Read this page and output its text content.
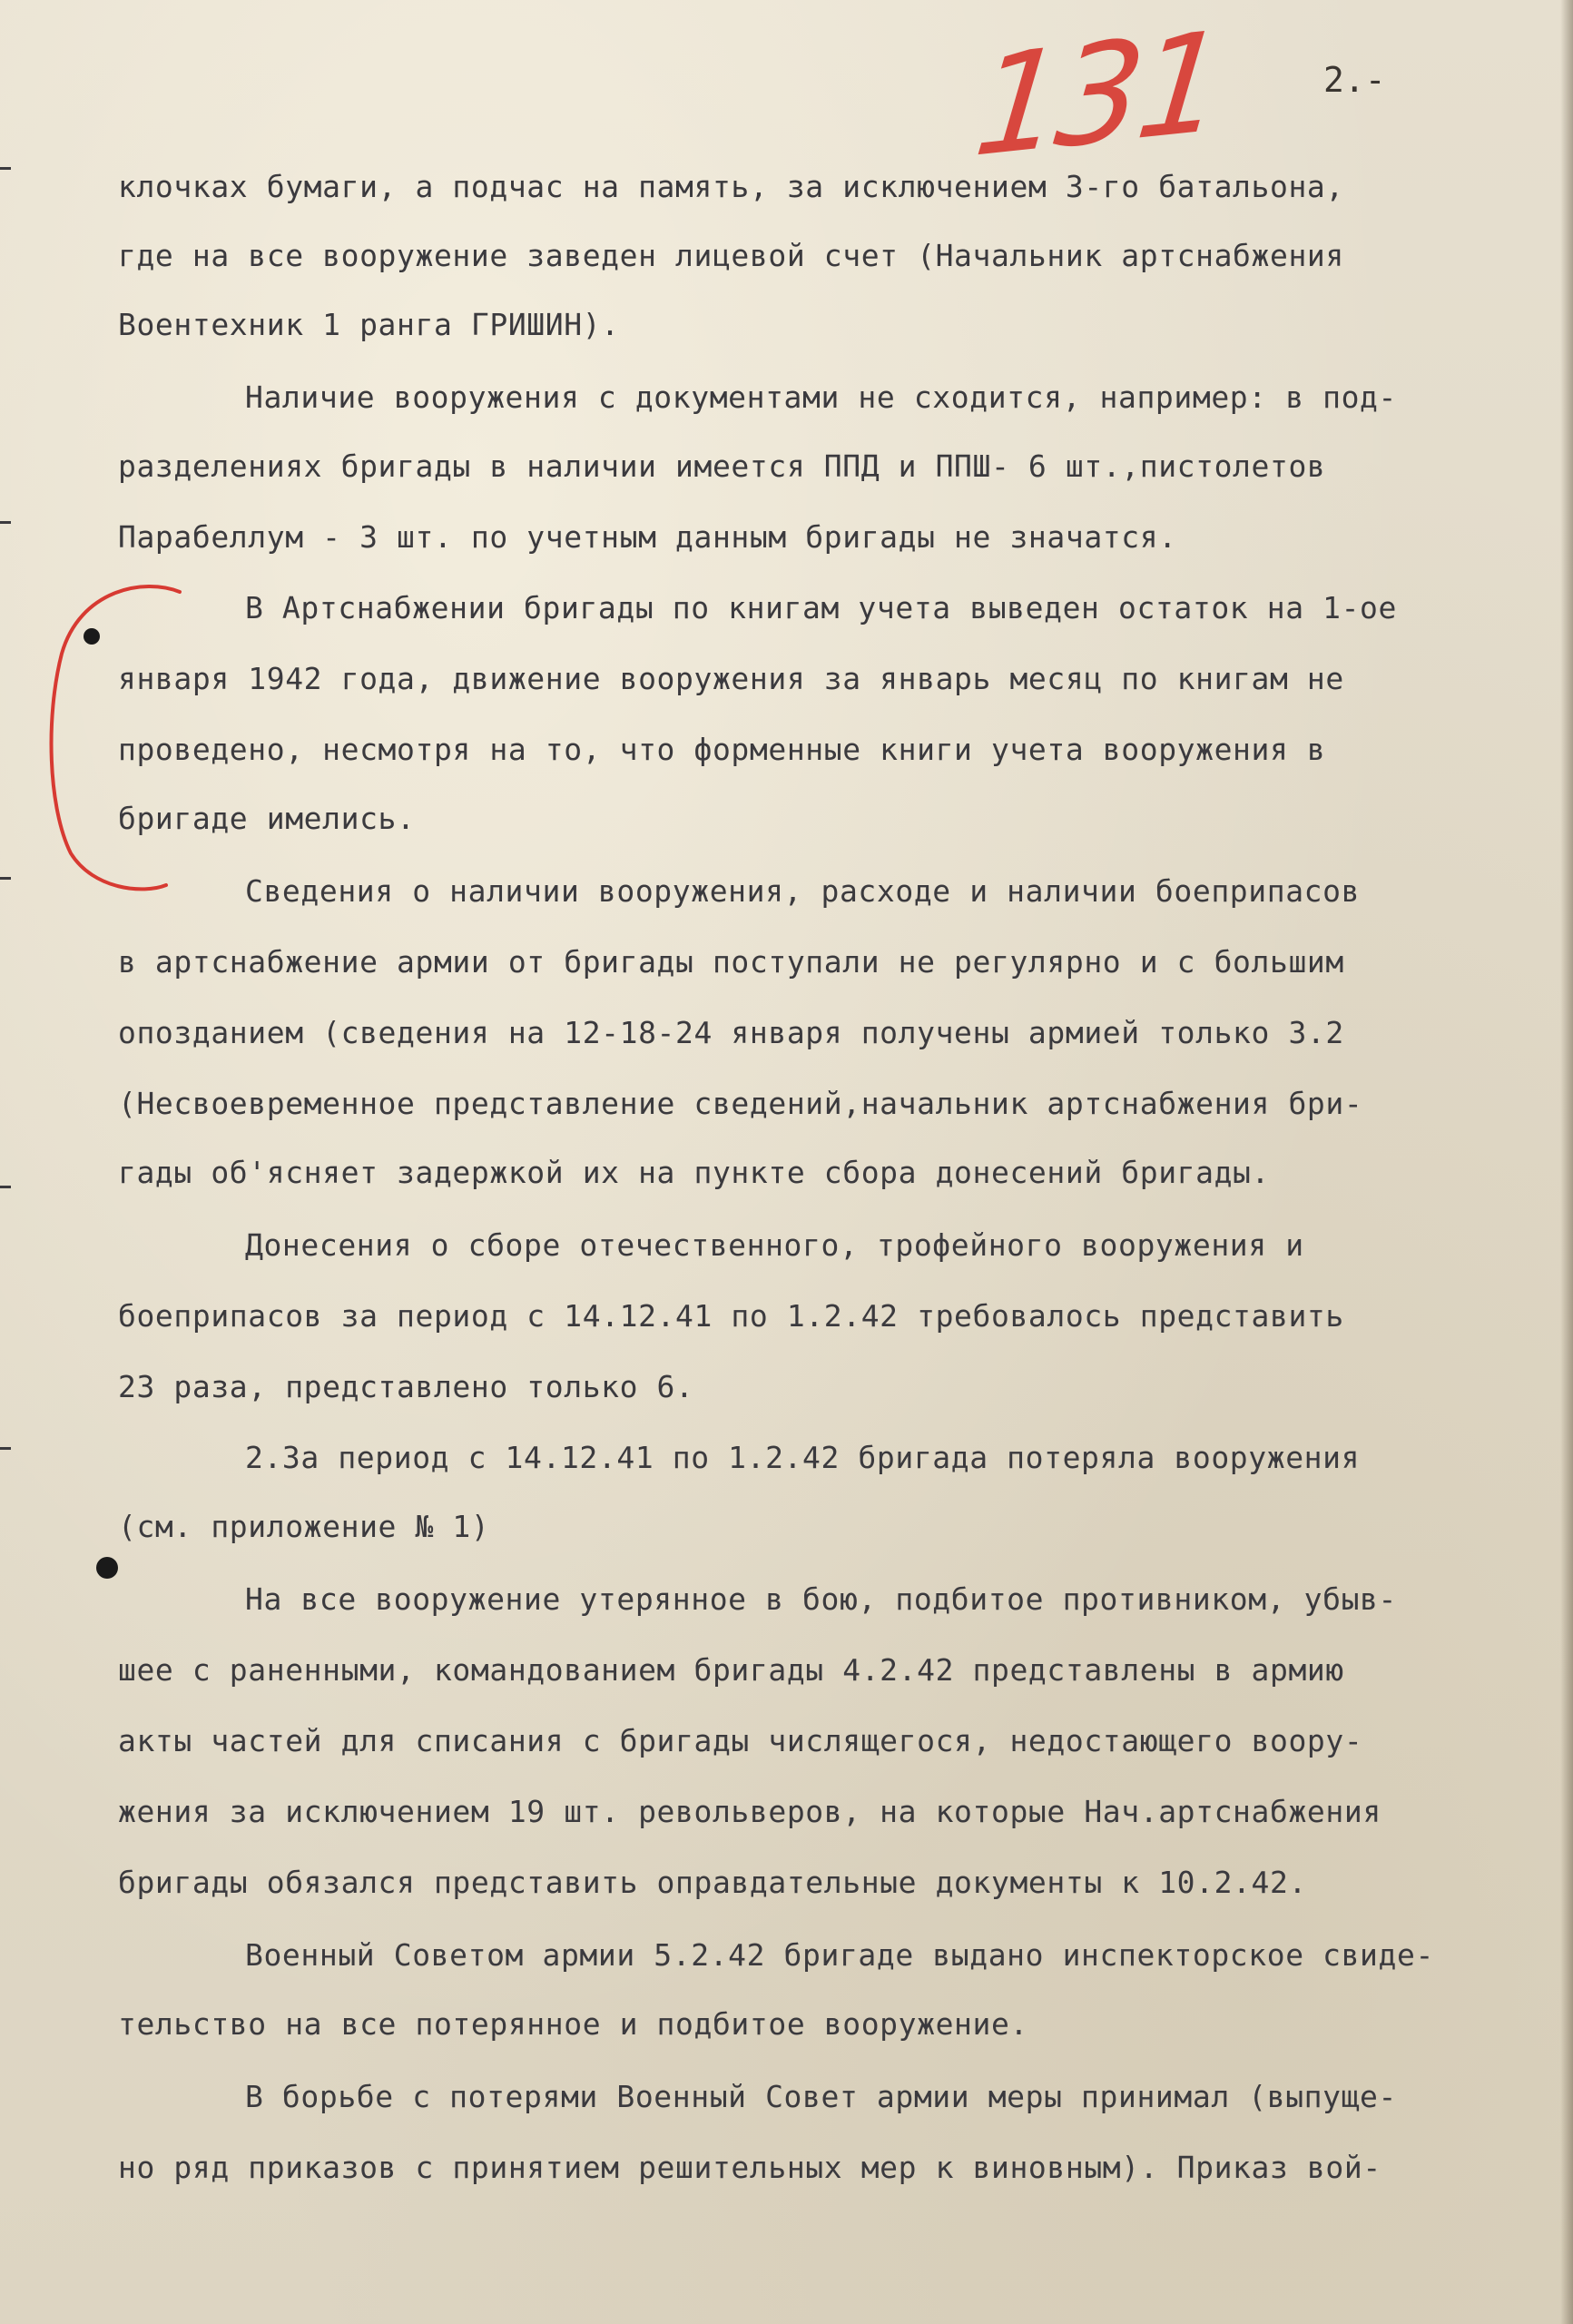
131	2.-

клочках бумаги, а подчас на память, за исключением 3-го батальона,

где на все вооружение заведен лицевой счет (Начальник артснабжения

Воентехник 1 ранга ГРИШИН).

Наличие вооружения с документами не сходится, например: в под-

разделениях бригады в наличии имеется ППД и ППШ- 6 шт.,пистолетов

Парабеллум - 3 шт. по учетным данным бригады не значатся.

В Артснабжении бригады по книгам учета выведен остаток на 1-ое

января 1942 года, движение вооружения за январь месяц по книгам не

проведено, несмотря на то, что форменные книги учета вооружения в

бригаде имелись.

Сведения о наличии вооружения, расходе и наличии боеприпасов

в артснабжение армии от бригады поступали не регулярно и с большим

опозданием (сведения на 12-18-24 января получены армией только 3.2

(Несвоевременное представление сведений,начальник артснабжения бри-

гады об'ясняет задержкой их на пункте сбора донесений бригады.

Донесения о сборе отечественного, трофейного вооружения и

боеприпасов за период с 14.12.41 по 1.2.42 требовалось представить

23 раза, представлено только 6.

2.За период с 14.12.41 по 1.2.42 бригада потеряла вооружения

(см. приложение № 1)

На все вооружение утерянное в бою, подбитое противником, убыв-

шее с раненными, командованием бригады 4.2.42 представлены в армию

акты частей для списания с бригады числящегося, недостающего воору-

жения за исключением 19 шт. револьверов, на которые Нач.артснабжения

бригады обязался представить оправдательные документы к 10.2.42.

Военный Советом армии 5.2.42 бригаде выдано инспекторское свиде-

тельство на все потерянное и подбитое вооружение.

В борьбе с потерями Военный Совет армии меры принимал (выпуще-

но ряд приказов с принятием решительных мер к виновным). Приказ вой-
